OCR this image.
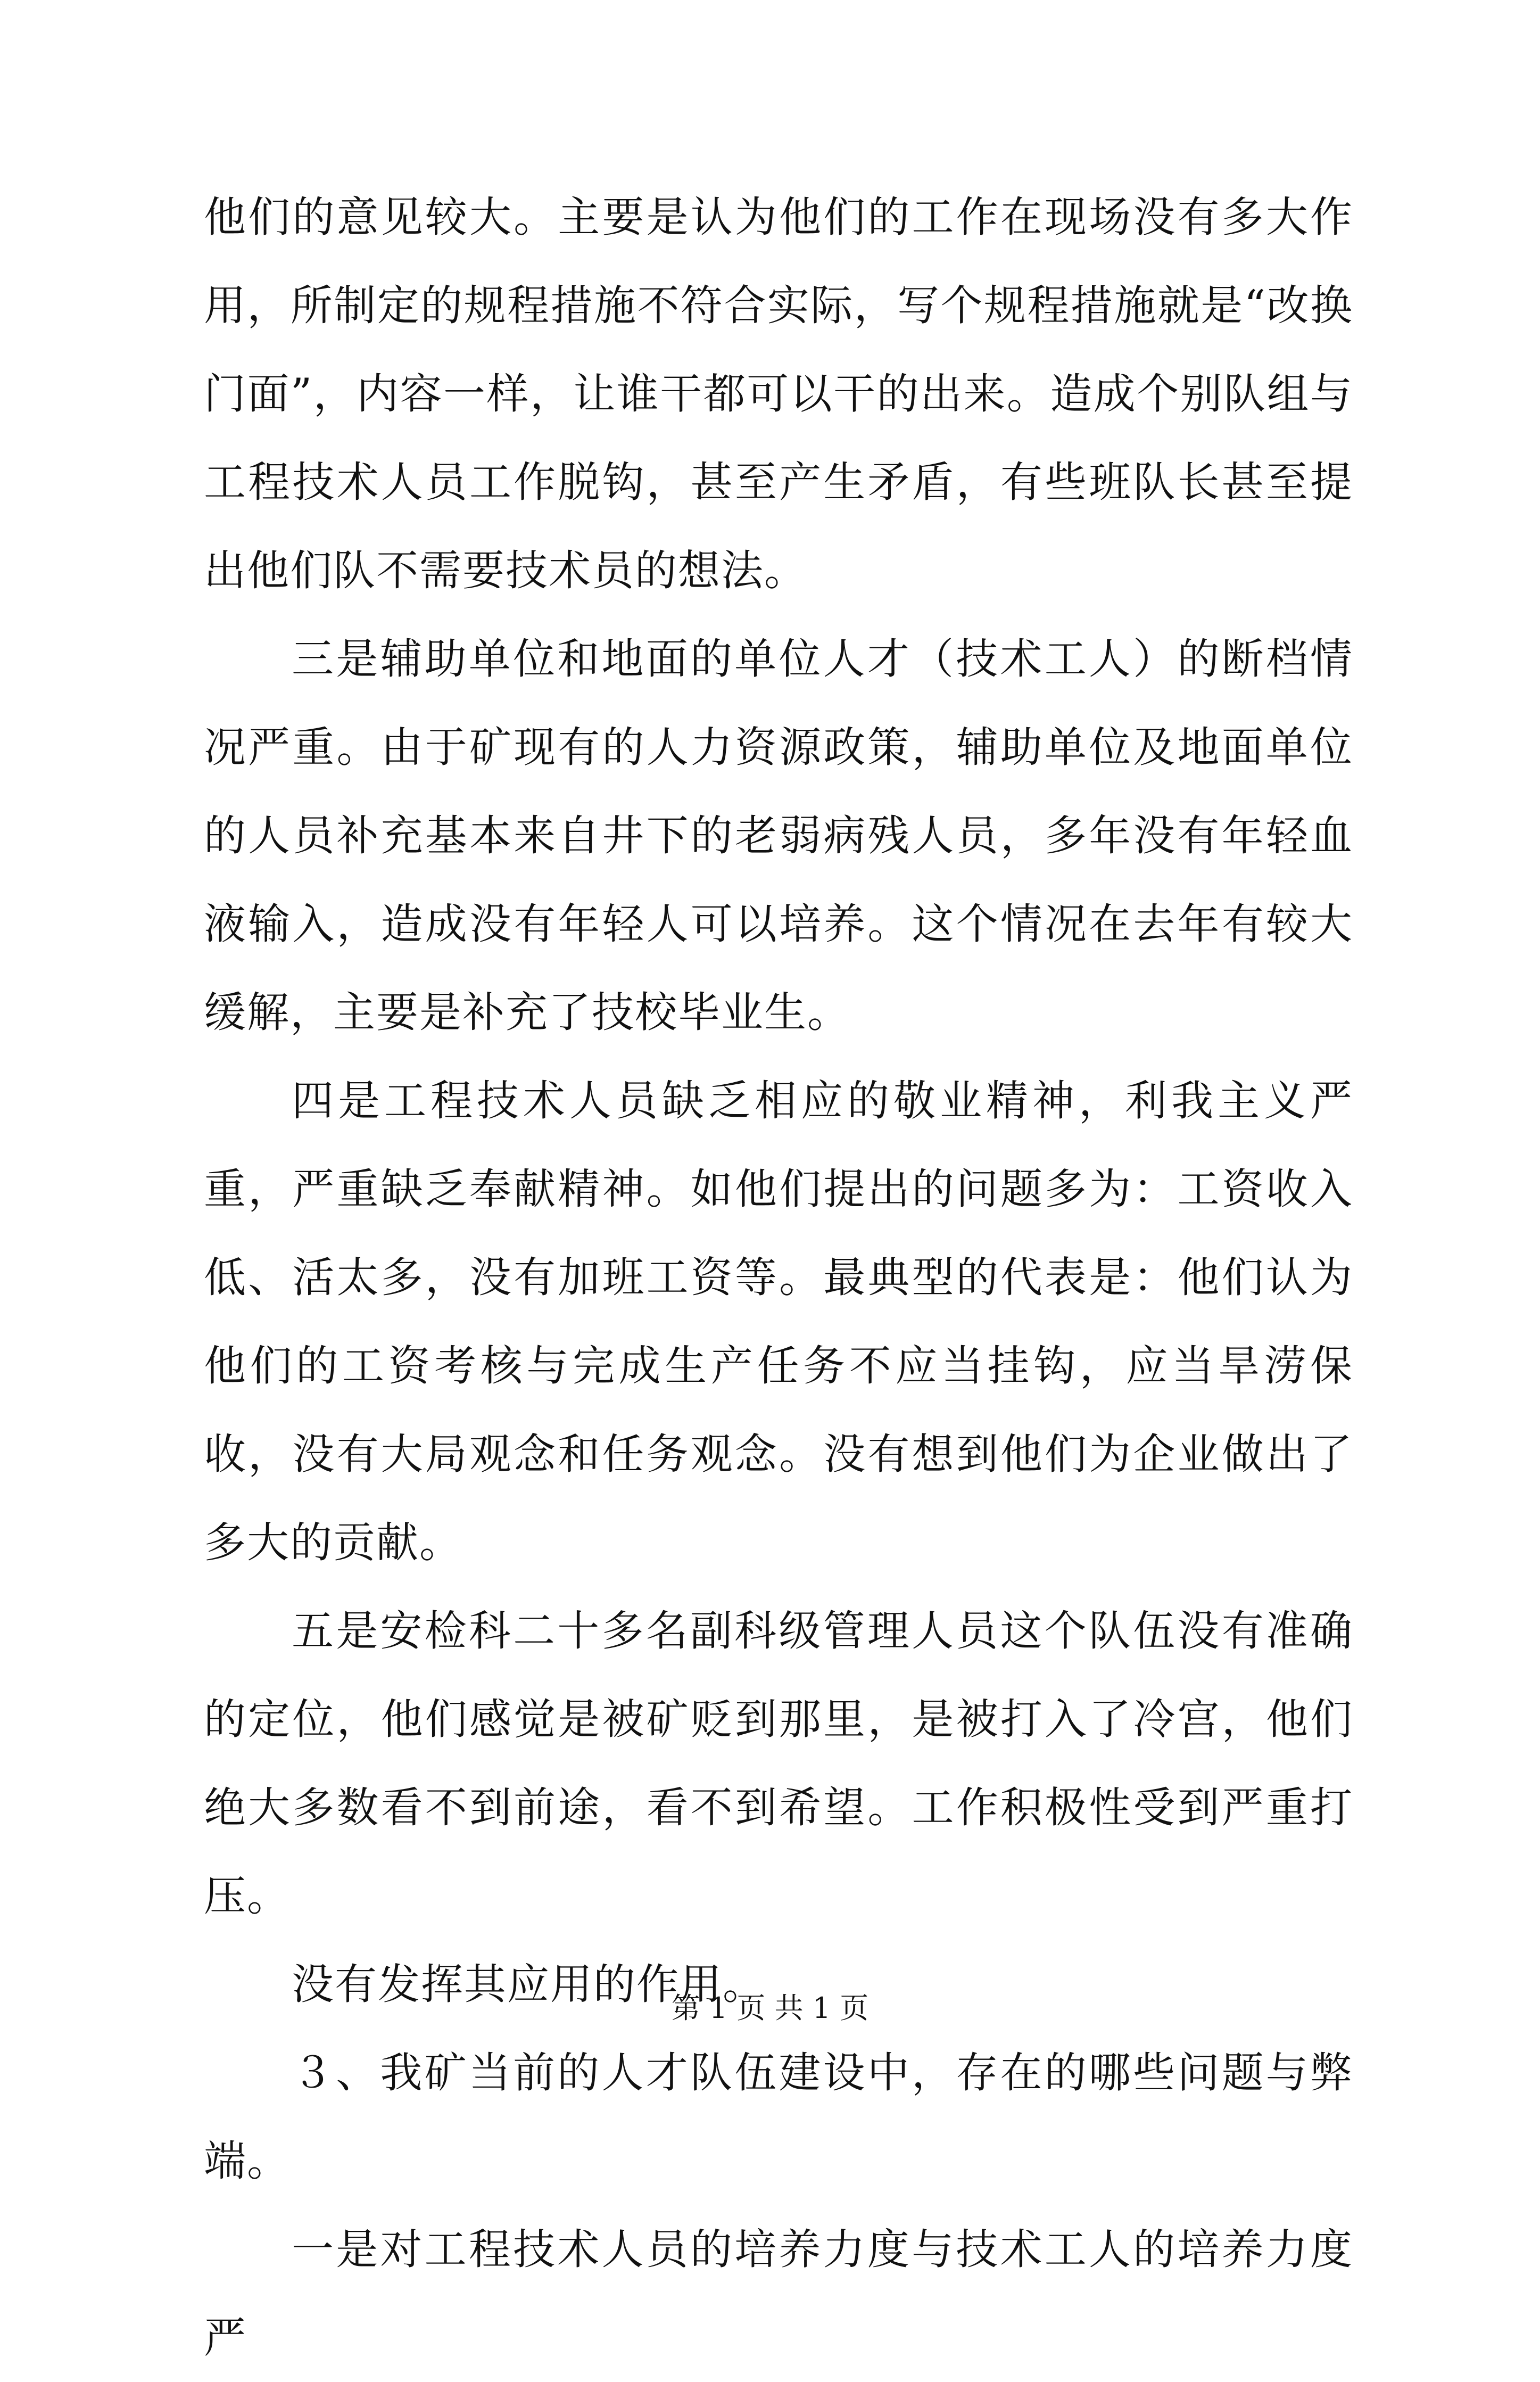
他们的意见较大。主要是认为他们的工作在现场没有多大作用，所制定的规程措施不符合实际，写个规程措施就是“改换门面”，内容一样，让谁干都可以干的出来。造成个别队组与工程技术人员工作脱钩，甚至产生矛盾，有些班队长甚至提出他们队不需要技术员的想法。

三是辅助单位和地面的单位人才（技术工人）的断档情况严重。由于矿现有的人力资源政策，辅助单位及地面单位的人员补充基本来自井下的老弱病残人员，多年没有年轻血液输入，造成没有年轻人可以培养。这个情况在去年有较大缓解，主要是补充了技校毕业生。

四是工程技术人员缺乏相应的敬业精神，利我主义严重，严重缺乏奉献精神。如他们提出的问题多为：工资收入低、活太多，没有加班工资等。最典型的代表是：他们认为他们的工资考核与完成生产任务不应当挂钩，应当旱涝保收，没有大局观念和任务观念。没有想到他们为企业做出了多大的贡献。

五是安检科二十多名副科级管理人员这个队伍没有准确的定位，他们感觉是被矿贬到那里，是被打入了冷宫，他们绝大多数看不到前途，看不到希望。工作积极性受到严重打压。

没有发挥其应用的作用。

３、我矿当前的人才队伍建设中，存在的哪些问题与弊端。

一是对工程技术人员的培养力度与技术工人的培养力度严

第 1 页 共 1 页
